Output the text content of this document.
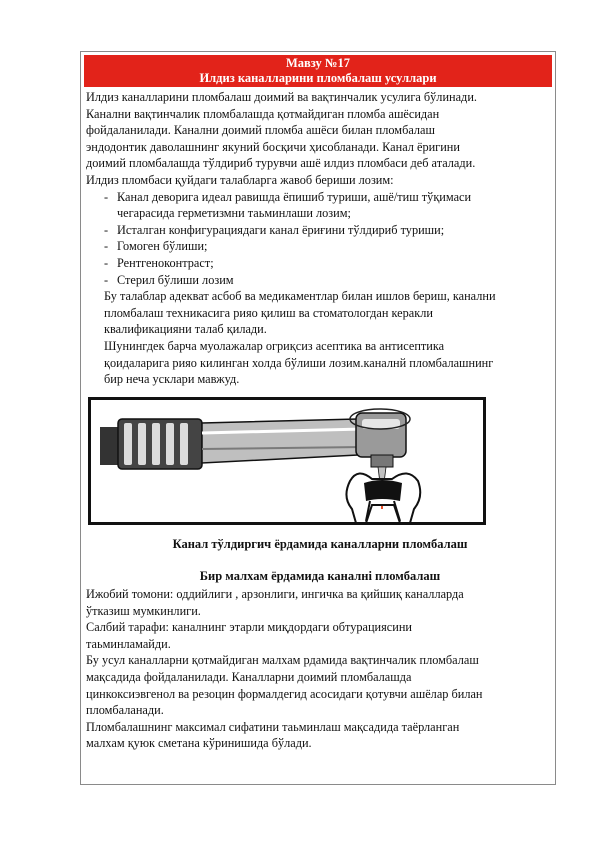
Мавзу №17
Илдиз каналларини пломбалаш усуллари
Илдиз каналларини пломбалаш доимий ва вақтинчалик усулига бўлинади.
Канални вақтинчалик пломбалашда қотмайдиган пломба ашёсидан
фойдаланилади. Канални доимий пломба ашёси билан пломбалаш
эндодонтик даволашнинг якуний босқичи ҳисобланади. Канал ёригини
доимий пломбалашда тўлдириб турувчи ашё илдиз пломбаси деб аталади.
Илдиз пломбаси қуйдаги талабларга жавоб бериши лозим:
- Канал деворига идеал равишда ёпишиб туриши, ашё/тиш тўқимаси
чегарасида герметизмни таьминлаши лозим;
- Исталган конфигурациядаги канал ёриғини тўлдириб туриши;
- Гомоген бўлиши;
- Рентгеноконтраст;
- Стерил бўлиши лозим
Бу талаблар адекват асбоб ва медикаментлар билан ишлов бериш, канални
пломбалаш техникасига рияо қилиш ва стоматологдан керакли
квалификацияни талаб қилади.
Шунингдек барча муолажалар огриқсиз асептика ва антисептика
қоидаларига рияо килинган холда бўлиши лозим.каналнй пломбалашнинг
бир неча усклари мавжуд.
Канал тўлдиргич ёрдамида каналларни пломбалаш
Бир малхам ёрдамида каналнi пломбалаш
Ижобий томони: оддийлиги , арзонлиги, ингичка ва қийшиқ каналларда
ўтказиш мумкинлиги.
Салбий тарафи: каналнинг этарли миқдордаги обтурациясини
таьминламайди.
Бу усул каналларни қотмайдиган малхам рдамида вақтинчалик пломбалаш
мақсадида фойдаланилади. Каналларни доимий пломбалашда
цинкоксиэвгенол ва резоцин формалдегид асосидаги қотувчи ашёлар билан
пломбаланади.
Пломбалашнинг максимал сифатини таьминлаш мақсадида таёрланган
малхам қуюк сметана кўринишида бўлади.
